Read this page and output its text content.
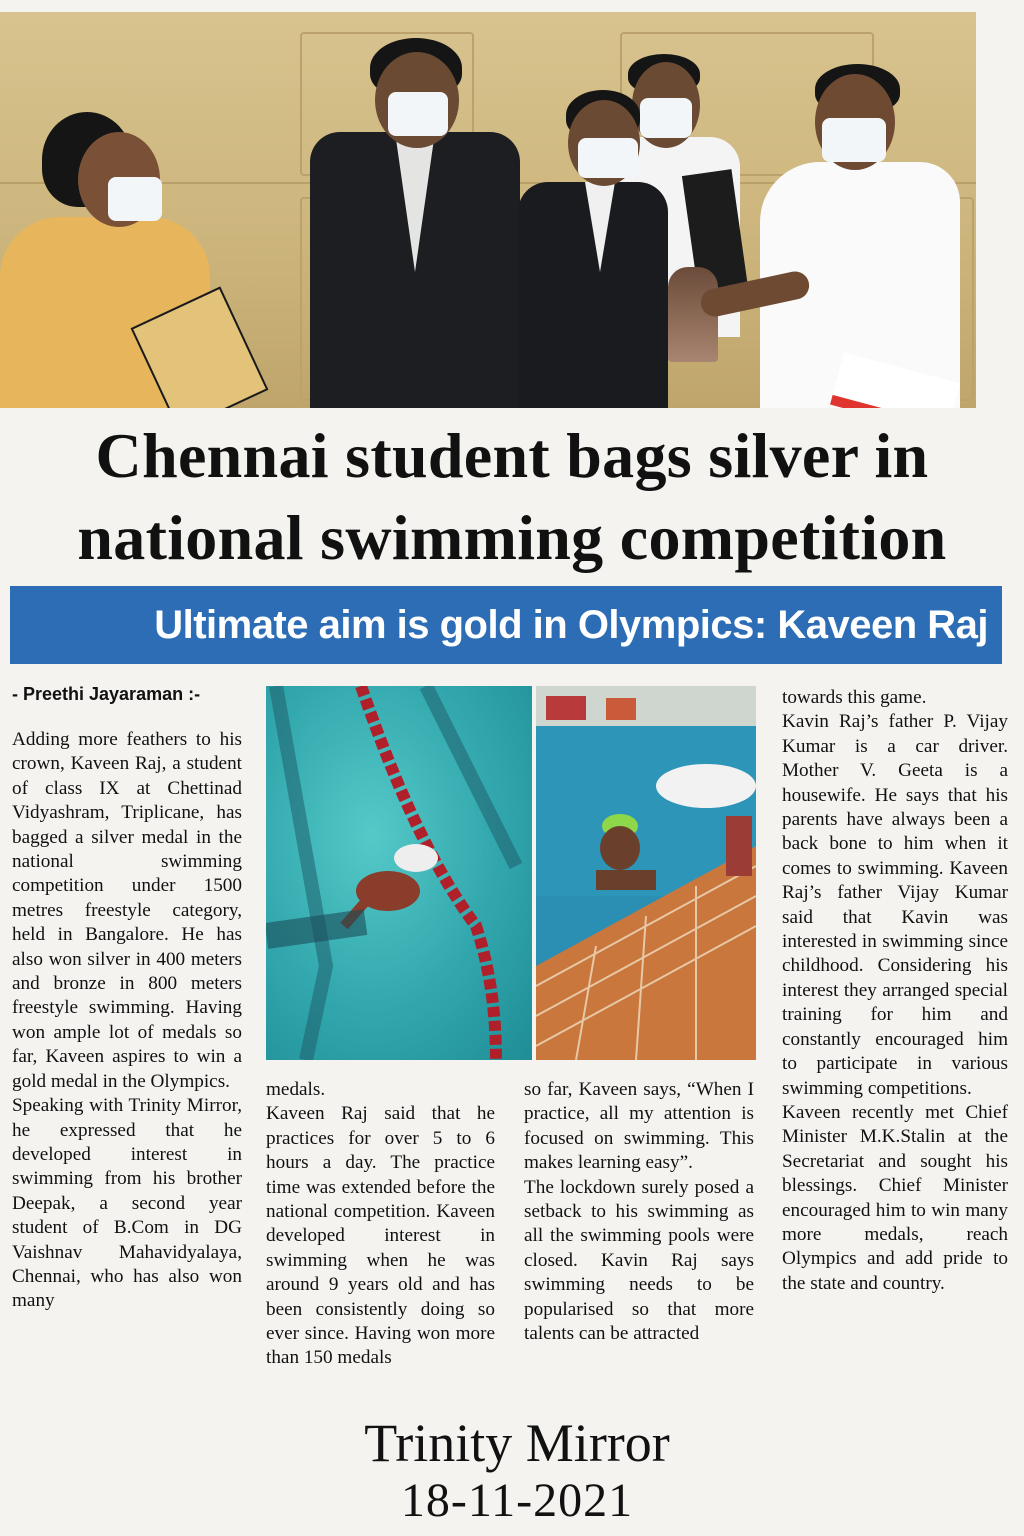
Chennai student bags silver in
national swimming competition
Ultimate aim is gold in Olympics: Kaveen Raj
- Preethi Jayaraman :-

Adding more feathers to his crown, Kaveen Raj, a student of class IX at Chettinad Vidyashram, Triplicane, has bagged a silver medal in the national swimming competition under 1500 metres freestyle category, held in Bangalore. He has also won silver in 400 meters and bronze in 800 meters freestyle swimming. Having won ample lot of medals so far, Kaveen aspires to win a gold medal in the Olympics.

Speaking with Trinity Mirror, he expressed that he developed interest in swimming from his brother Deepak, a second year student of B.Com in DG Vaishnav Mahavidyalaya, Chennai, who has also won many

medals.

Kaveen Raj said that he practices for over 5 to 6 hours a day. The practice time was extended before the national competition. Kaveen developed interest in swimming when he was around 9 years old and has been consistently doing so ever since. Having won more than 150 medals

so far, Kaveen says, “When I practice, all my attention is focused on swimming. This makes learning easy”.

The lockdown surely posed a setback to his swimming as all the swimming pools were closed. Kavin Raj says swimming needs to be popularised so that more talents can be attracted

towards this game.

Kavin Raj’s father P. Vijay Kumar is a car driver. Mother V. Geeta is a housewife. He says that his parents have always been a back bone to him when it comes to swimming. Kaveen Raj’s father Vijay Kumar said that Kavin was interested in swimming since childhood. Considering his interest they arranged special training for him and constantly encouraged him to participate in various swimming competitions.

Kaveen recently met Chief Minister M.K.Stalin at the Secretariat and sought his blessings. Chief Minister encouraged him to win many more medals, reach Olympics and add pride to the state and country.

Trinity Mirror
18-11-2021
